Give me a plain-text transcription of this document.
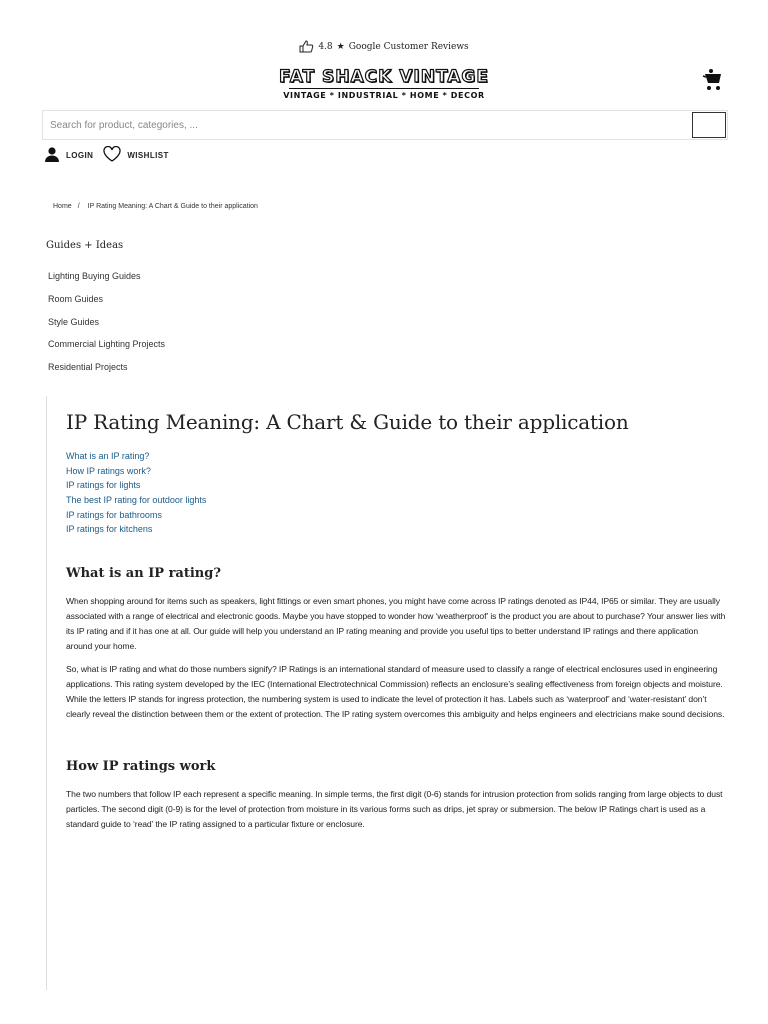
4.8 ★ Google Customer Reviews
FAT SHACK VINTAGE
VINTAGE * INDUSTRIAL * HOME * DECOR
Search for product, categories, ...
LOGIN	WISHLIST
Home / IP Rating Meaning: A Chart & Guide to their application
Guides + Ideas
Lighting Buying Guides
Room Guides
Style Guides
Commercial Lighting Projects
Residential Projects
IP Rating Meaning: A Chart & Guide to their application
What is an IP rating?
How IP ratings work?
IP ratings for lights
The best IP rating for outdoor lights
IP ratings for bathrooms
IP ratings for kitchens
What is an IP rating?

When shopping around for items such as speakers, light fittings or even smart phones, you might have come across IP ratings denoted as IP44, IP65 or similar. They are usually associated with a range of electrical and electronic goods. Maybe you have stopped to wonder how ‘weatherproof’ is the product you are about to purchase? Your answer lies with its IP rating and if it has one at all. Our guide will help you understand an IP rating meaning and provide you useful tips to better understand IP ratings and there application around your home.

So, what is IP rating and what do those numbers signify? IP Ratings is an international standard of measure used to classify a range of electrical enclosures used in engineering applications. This rating system developed by the IEC (International Electrotechnical Commission) reflects an enclosure’s sealing effectiveness from foreign objects and moisture. While the letters IP stands for ingress protection, the numbering system is used to indicate the level of protection it has. Labels such as ‘waterproof’ and ‘water-resistant’ don’t clearly reveal the distinction between them or the extent of protection. The IP rating system overcomes this ambiguity and helps engineers and electricians make sound decisions.

How IP ratings work

The two numbers that follow IP each represent a specific meaning. In simple terms, the first digit (0-6) stands for intrusion protection from solids ranging from large objects to dust particles. The second digit (0-9) is for the level of protection from moisture in its various forms such as drips, jet spray or submersion. The below IP Ratings chart is used as a standard guide to ‘read’ the IP rating assigned to a particular fixture or enclosure.
